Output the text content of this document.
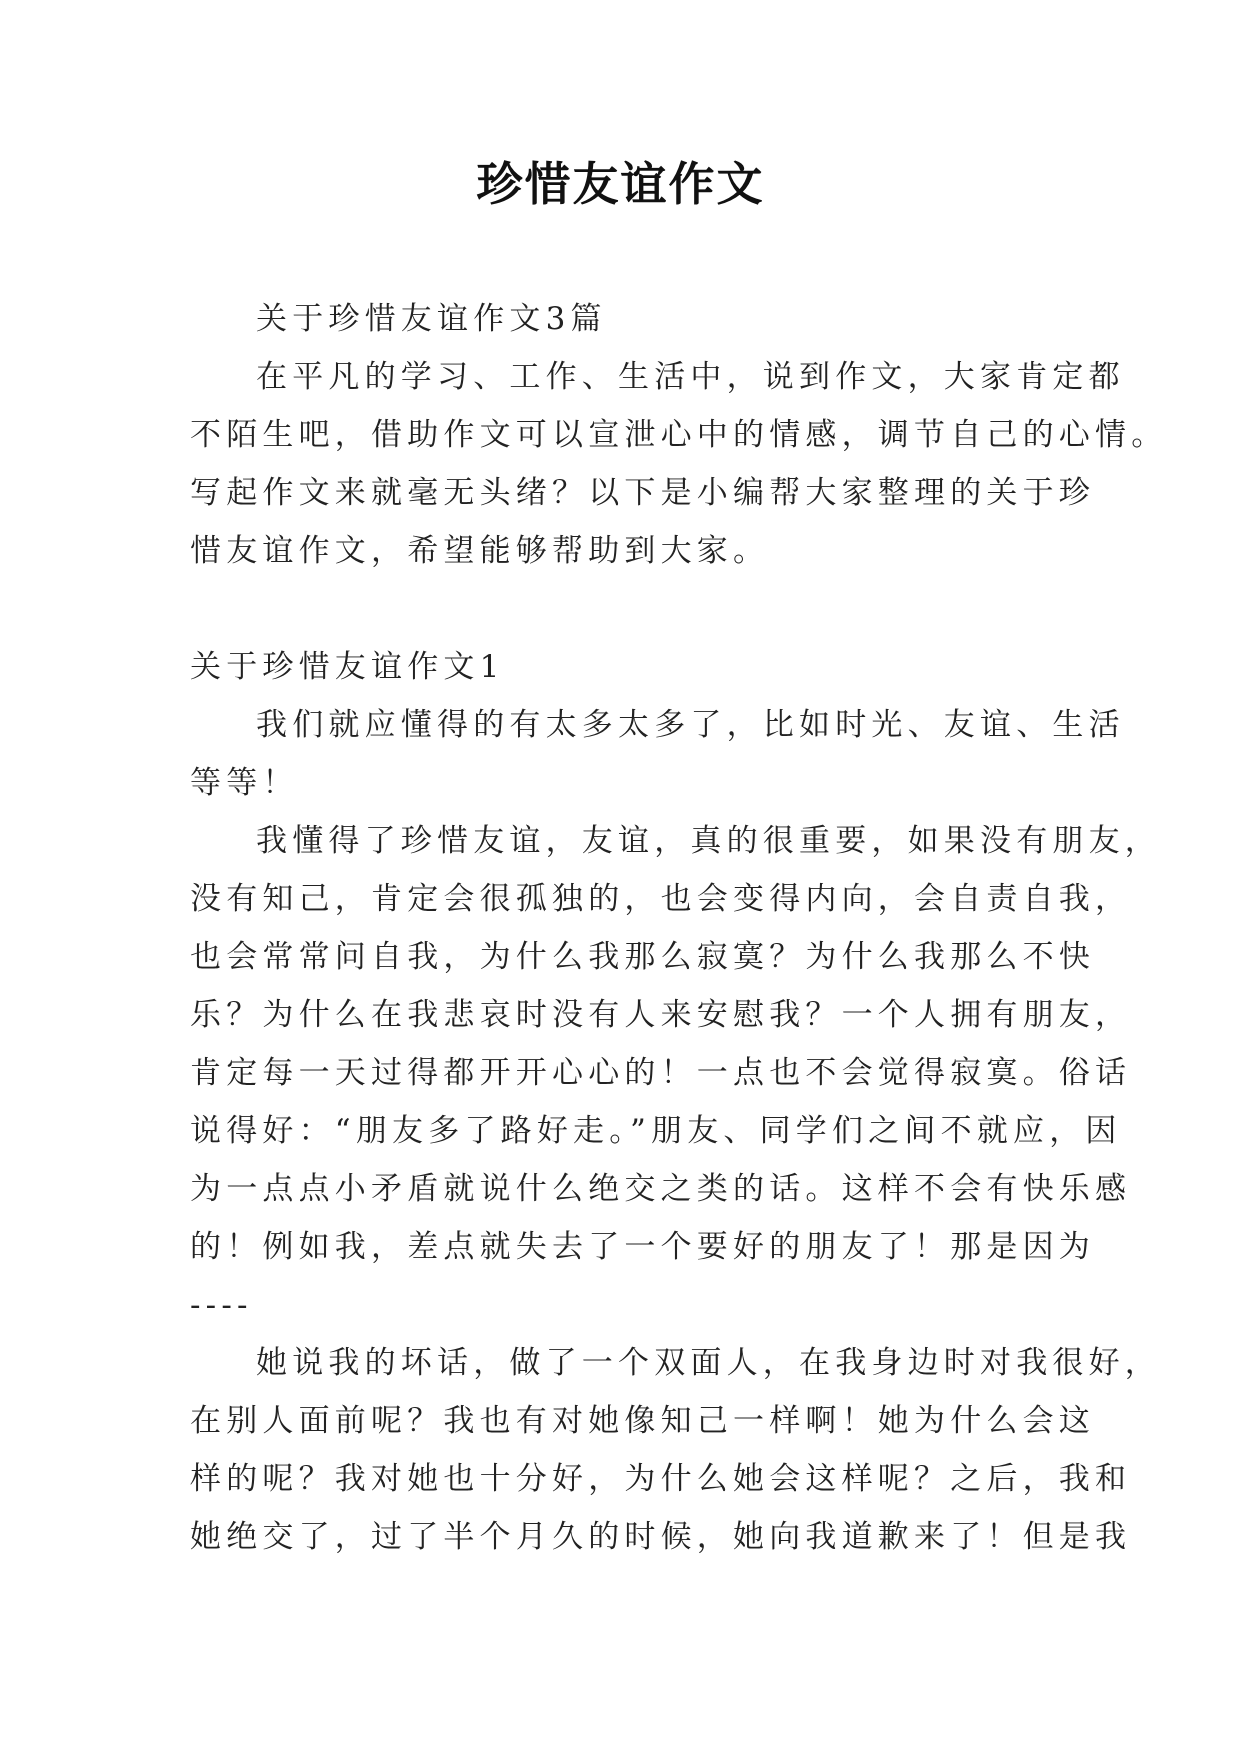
珍惜友谊作文
关于珍惜友谊作文3篇
在平凡的学习、工作、生活中，说到作文，大家肯定都
不陌生吧，借助作文可以宣泄心中的情感，调节自己的心情。
写起作文来就毫无头绪？以下是小编帮大家整理的关于珍
惜友谊作文，希望能够帮助到大家。
关于珍惜友谊作文1
我们就应懂得的有太多太多了，比如时光、友谊、生活
等等！
我懂得了珍惜友谊，友谊，真的很重要，如果没有朋友，
没有知己，肯定会很孤独的，也会变得内向，会自责自我，
也会常常问自我，为什么我那么寂寞？为什么我那么不快
乐？为什么在我悲哀时没有人来安慰我？一个人拥有朋友，
肯定每一天过得都开开心心的！一点也不会觉得寂寞。俗话
说得好：“朋友多了路好走。”朋友、同学们之间不就应，因
为一点点小矛盾就说什么绝交之类的话。这样不会有快乐感
的！例如我，差点就失去了一个要好的朋友了！那是因为
----
她说我的坏话，做了一个双面人，在我身边时对我很好，
在别人面前呢？我也有对她像知己一样啊！她为什么会这
样的呢？我对她也十分好，为什么她会这样呢？之后，我和
她绝交了，过了半个月久的时候，她向我道歉来了！但是我
